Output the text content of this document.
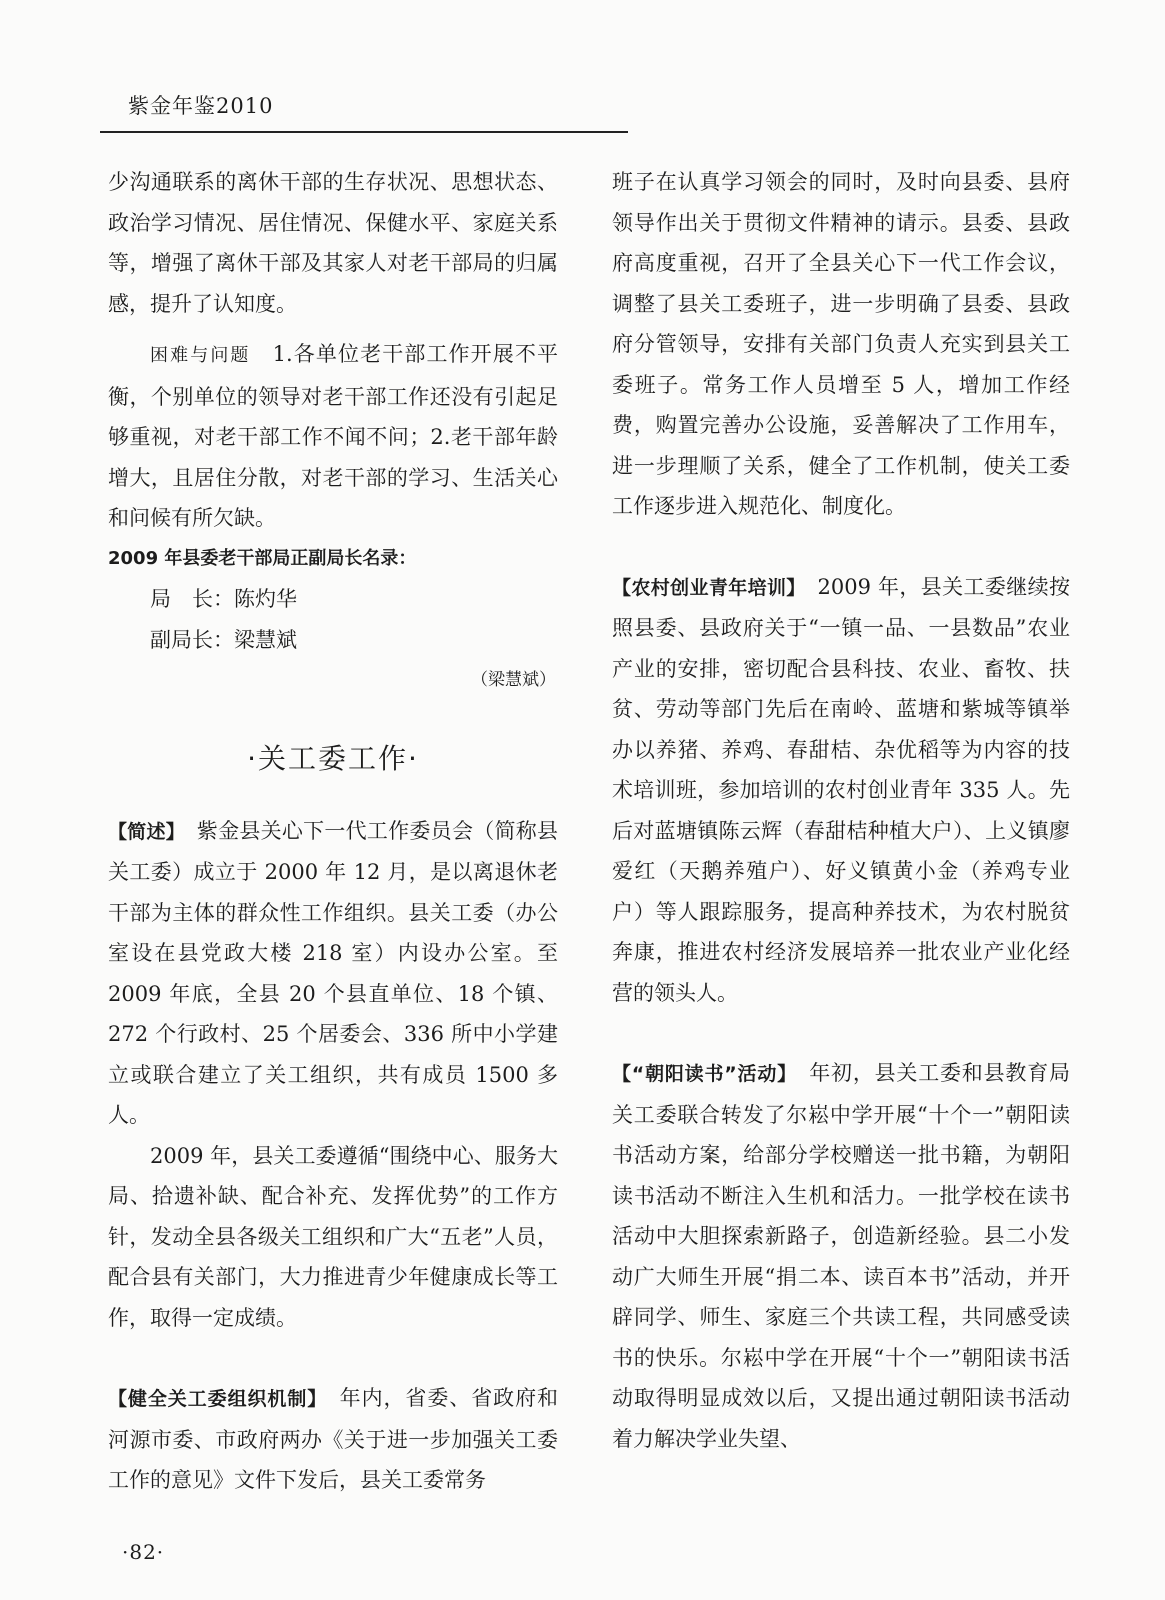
紫金年鉴2010

少沟通联系的离休干部的生存状况、思想状态、政治学习情况、居住情况、保健水平、家庭关系等，增强了离休干部及其家人对老干部局的归属感，提升了认知度。

困难与问题　1.各单位老干部工作开展不平衡，个别单位的领导对老干部工作还没有引起足够重视，对老干部工作不闻不问；2.老干部年龄增大，且居住分散，对老干部的学习、生活关心和问候有所欠缺。

2009 年县委老干部局正副局长名录：

局　长：陈灼华

副局长：梁慧斌

（梁慧斌）

·关工委工作·

【简述】　紫金县关心下一代工作委员会（简称县关工委）成立于 2000 年 12 月，是以离退休老干部为主体的群众性工作组织。县关工委（办公室设在县党政大楼 218 室）内设办公室。至 2009 年底，全县 20 个县直单位、18 个镇、272 个行政村、25 个居委会、336 所中小学建立或联合建立了关工组织，共有成员 1500 多人。

2009 年，县关工委遵循“围绕中心、服务大局、拾遗补缺、配合补充、发挥优势”的工作方针，发动全县各级关工组织和广大“五老”人员，配合县有关部门，大力推进青少年健康成长等工作，取得一定成绩。

【健全关工委组织机制】　年内，省委、省政府和河源市委、市政府两办《关于进一步加强关工委工作的意见》文件下发后，县关工委常务

班子在认真学习领会的同时，及时向县委、县府领导作出关于贯彻文件精神的请示。县委、县政府高度重视，召开了全县关心下一代工作会议，调整了县关工委班子，进一步明确了县委、县政府分管领导，安排有关部门负责人充实到县关工委班子。常务工作人员增至 5 人，增加工作经费，购置完善办公设施，妥善解决了工作用车，进一步理顺了关系，健全了工作机制，使关工委工作逐步进入规范化、制度化。

【农村创业青年培训】　2009 年，县关工委继续按照县委、县政府关于“一镇一品、一县数品”农业产业的安排，密切配合县科技、农业、畜牧、扶贫、劳动等部门先后在南岭、蓝塘和紫城等镇举办以养猪、养鸡、春甜桔、杂优稻等为内容的技术培训班，参加培训的农村创业青年 335 人。先后对蓝塘镇陈云辉（春甜桔种植大户）、上义镇廖爱红（天鹅养殖户）、好义镇黄小金（养鸡专业户）等人跟踪服务，提高种养技术，为农村脱贫奔康，推进农村经济发展培养一批农业产业化经营的领头人。

【“朝阳读书”活动】　年初，县关工委和县教育局关工委联合转发了尔崧中学开展“十个一”朝阳读书活动方案，给部分学校赠送一批书籍，为朝阳读书活动不断注入生机和活力。一批学校在读书活动中大胆探索新路子，创造新经验。县二小发动广大师生开展“捐二本、读百本书”活动，并开辟同学、师生、家庭三个共读工程，共同感受读书的快乐。尔崧中学在开展“十个一”朝阳读书活动取得明显成效以后，又提出通过朝阳读书活动着力解决学业失望、

·82·
